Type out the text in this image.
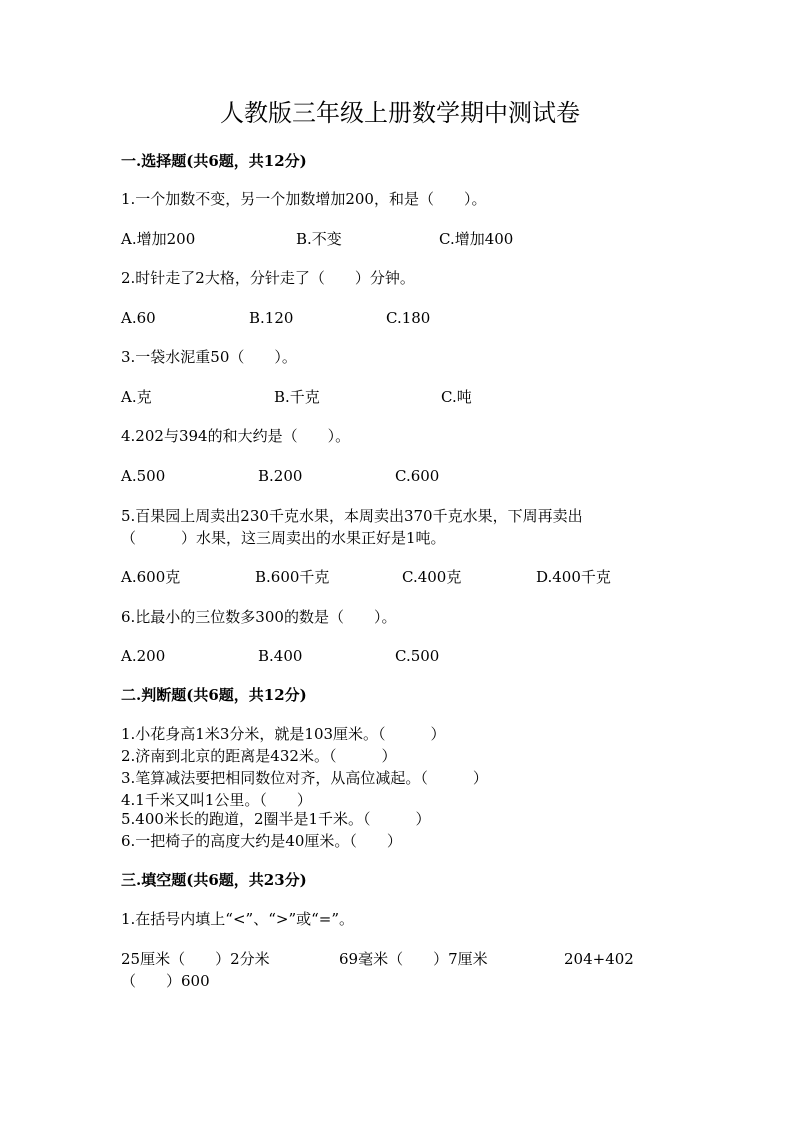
人教版三年级上册数学期中测试卷
一.选择题(共6题，共12分)
1.一个加数不变，另一个加数增加200，和是（　　）。
A.增加200	B.不变	C.增加400
2.时针走了2大格，分针走了（　　）分钟。
A.60	B.120	C.180
3.一袋水泥重50（　　）。
A.克	B.千克	C.吨
4.202与394的和大约是（　　）。
A.500	B.200	C.600
5.百果园上周卖出230千克水果，本周卖出370千克水果，下周再卖出
（　　　）水果，这三周卖出的水果正好是1吨。
A.600克	B.600千克	C.400克	D.400千克
6.比最小的三位数多300的数是（　　）。
A.200	B.400	C.500
二.判断题(共6题，共12分)
1.小花身高1米3分米，就是103厘米。（　　　）
2.济南到北京的距离是432米。（　　　）
3.笔算减法要把相同数位对齐，从高位减起。（　　　）
4.1千米又叫1公里。（　　）
5.400米长的跑道，2圈半是1千米。（　　　）
6.一把椅子的高度大约是40厘米。（　　）
三.填空题(共6题，共23分)
1.在括号内填上“<”、“>”或“=”。
25厘米（　　）2分米	69毫米（　　）7厘米	204+402
（　　）600
